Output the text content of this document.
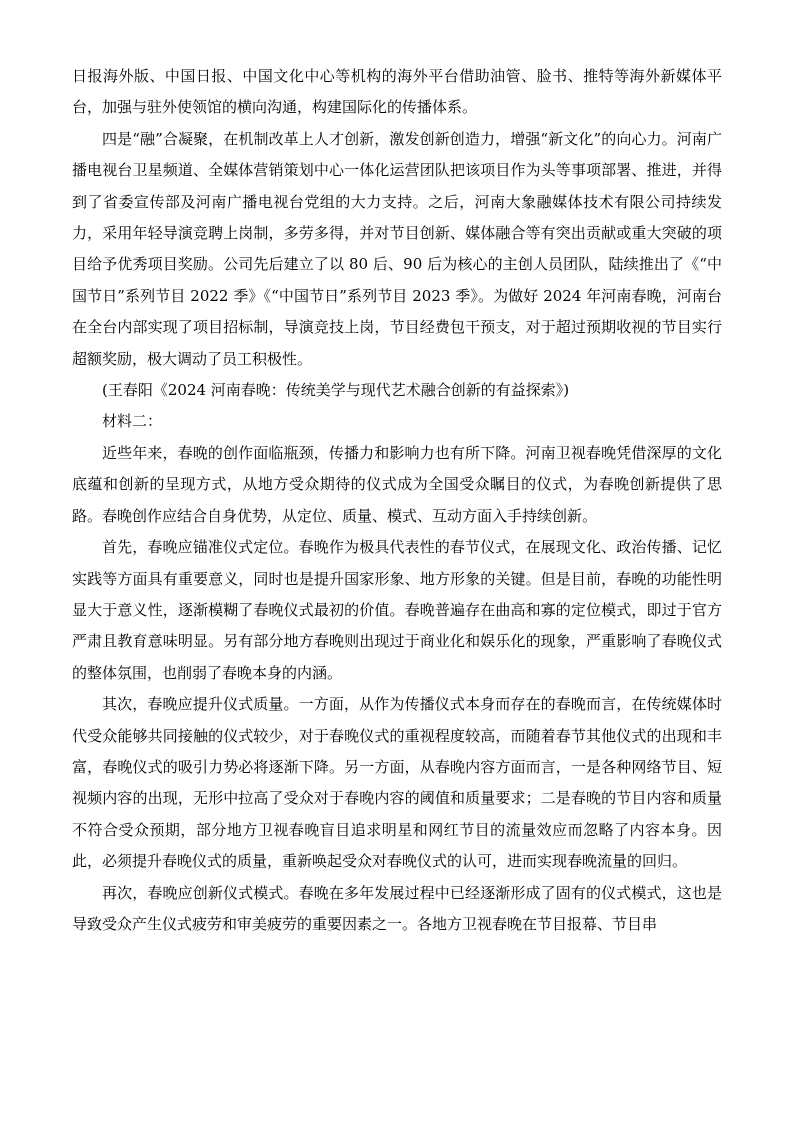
日报海外版、中国日报、中国文化中心等机构的海外平台借助油管、脸书、推特等海外新媒体平台，加强与驻外使领馆的横向沟通，构建国际化的传播体系。

四是“融”合凝聚，在机制改革上人才创新，激发创新创造力，增强“新文化”的向心力。河南广播电视台卫星频道、全媒体营销策划中心一体化运营团队把该项目作为头等事项部署、推进，并得到了省委宣传部及河南广播电视台党组的大力支持。之后，河南大象融媒体技术有限公司持续发力，采用年轻导演竞聘上岗制，多劳多得，并对节目创新、媒体融合等有突出贡献或重大突破的项目给予优秀项目奖励。公司先后建立了以 80 后、90 后为核心的主创人员团队，陆续推出了《“中国节日”系列节目 2022 季》《“中国节日”系列节目 2023 季》。为做好 2024 年河南春晚，河南台在全台内部实现了项目招标制，导演竞技上岗，节目经费包干预支，对于超过预期收视的节目实行超额奖励，极大调动了员工积极性。

(王春阳《2024 河南春晚：传统美学与现代艺术融合创新的有益探索》)

材料二：

近些年来，春晚的创作面临瓶颈，传播力和影响力也有所下降。河南卫视春晚凭借深厚的文化底蕴和创新的呈现方式，从地方受众期待的仪式成为全国受众瞩目的仪式，为春晚创新提供了思路。春晚创作应结合自身优势，从定位、质量、模式、互动方面入手持续创新。

首先，春晚应锚准仪式定位。春晚作为极具代表性的春节仪式，在展现文化、政治传播、记忆实践等方面具有重要意义，同时也是提升国家形象、地方形象的关键。但是目前，春晚的功能性明显大于意义性，逐渐模糊了春晚仪式最初的价值。春晚普遍存在曲高和寡的定位模式，即过于官方严肃且教育意味明显。另有部分地方春晚则出现过于商业化和娱乐化的现象，严重影响了春晚仪式的整体氛围，也削弱了春晚本身的内涵。

其次，春晚应提升仪式质量。一方面，从作为传播仪式本身而存在的春晚而言，在传统媒体时代受众能够共同接触的仪式较少，对于春晚仪式的重视程度较高，而随着春节其他仪式的出现和丰富，春晚仪式的吸引力势必将逐渐下降。另一方面，从春晚内容方面而言，一是各种网络节目、短视频内容的出现，无形中拉高了受众对于春晚内容的阈值和质量要求；二是春晚的节目内容和质量不符合受众预期，部分地方卫视春晚盲目追求明星和网红节目的流量效应而忽略了内容本身。因此，必须提升春晚仪式的质量，重新唤起受众对春晚仪式的认可，进而实现春晚流量的回归。

再次，春晚应创新仪式模式。春晚在多年发展过程中已经逐渐形成了固有的仪式模式，这也是导致受众产生仪式疲劳和审美疲劳的重要因素之一。各地方卫视春晚在节目报幕、节目串
